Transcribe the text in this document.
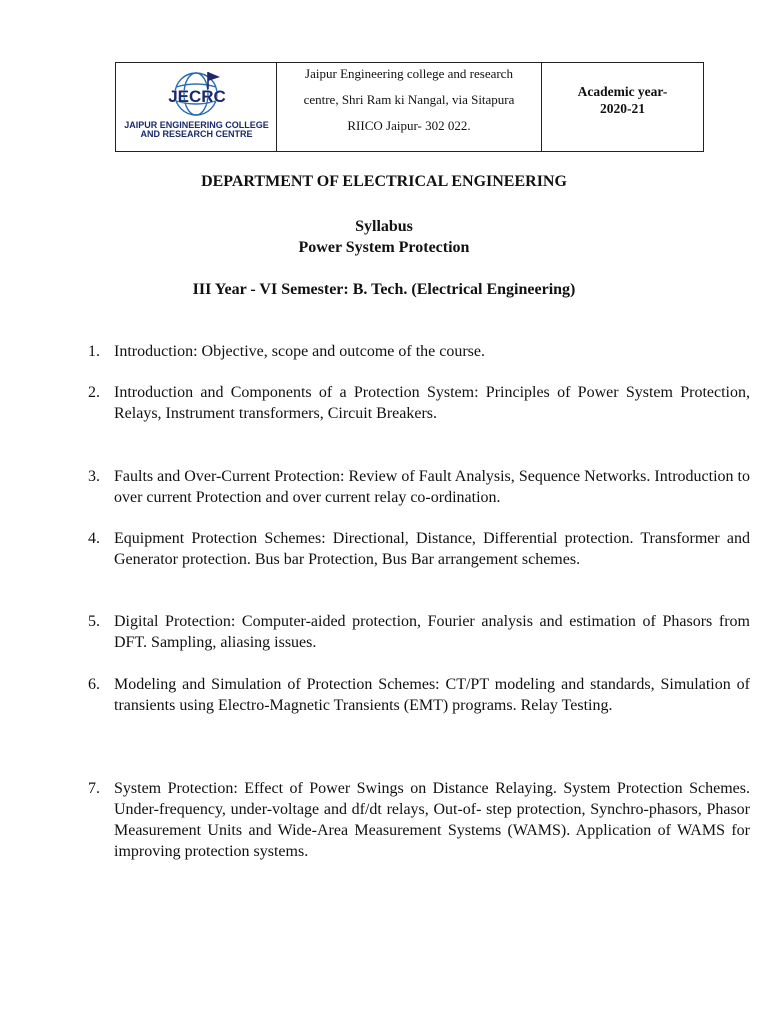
JECRC
JAIPUR ENGINEERING COLLEGE
AND RESEARCH CENTRE
Jaipur Engineering college and research
centre, Shri Ram ki Nangal, via Sitapura
RIICO Jaipur- 302 022.
Academic year-
2020-21
DEPARTMENT OF ELECTRICAL ENGINEERING
Syllabus
Power System Protection
III Year - VI Semester: B. Tech. (Electrical Engineering)
1. Introduction: Objective, scope and outcome of the course.
2. Introduction and Components of a Protection System: Principles of Power System Protection, Relays, Instrument transformers, Circuit Breakers.
3. Faults and Over-Current Protection: Review of Fault Analysis, Sequence Networks. Introduction to over current Protection and over current relay co-ordination.
4. Equipment Protection Schemes: Directional, Distance, Differential protection. Transformer and Generator protection. Bus bar Protection, Bus Bar arrangement schemes.
5. Digital Protection: Computer-aided protection, Fourier analysis and estimation of Phasors from DFT. Sampling, aliasing issues.
6. Modeling and Simulation of Protection Schemes: CT/PT modeling and standards, Simulation of transients using Electro-Magnetic Transients (EMT) programs. Relay Testing.
7. System Protection: Effect of Power Swings on Distance Relaying. System Protection Schemes. Under-frequency, under-voltage and df/dt relays, Out-of- step protection, Synchro-phasors, Phasor Measurement Units and Wide-Area Measurement Systems (WAMS). Application of WAMS for improving protection systems.
